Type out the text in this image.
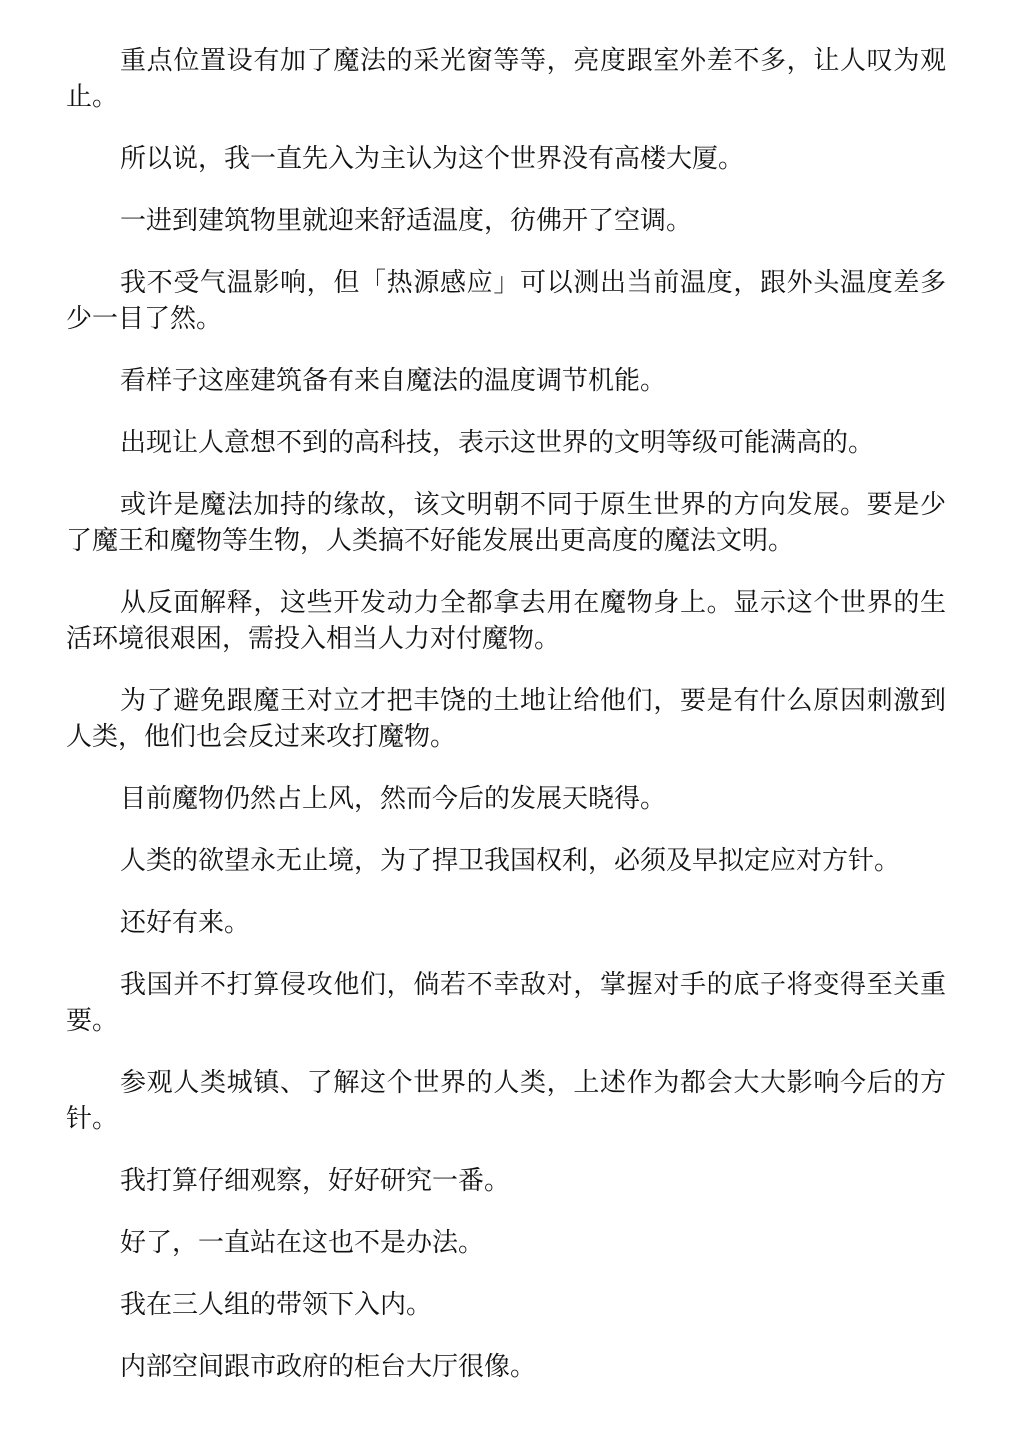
重点位置设有加了魔法的采光窗等等，亮度跟室外差不多，让人叹为观止。

所以说，我一直先入为主认为这个世界没有高楼大厦。

一进到建筑物里就迎来舒适温度，彷佛开了空调。

我不受气温影响，但「热源感应」可以测出当前温度，跟外头温度差多少一目了然。

看样子这座建筑备有来自魔法的温度调节机能。

出现让人意想不到的高科技，表示这世界的文明等级可能满高的。

或许是魔法加持的缘故，该文明朝不同于原生世界的方向发展。要是少了魔王和魔物等生物，人类搞不好能发展出更高度的魔法文明。

从反面解释，这些开发动力全都拿去用在魔物身上。显示这个世界的生活环境很艰困，需投入相当人力对付魔物。

为了避免跟魔王对立才把丰饶的土地让给他们，要是有什么原因刺激到人类，他们也会反过来攻打魔物。

目前魔物仍然占上风，然而今后的发展天晓得。

人类的欲望永无止境，为了捍卫我国权利，必须及早拟定应对方针。

还好有来。

我国并不打算侵攻他们，倘若不幸敌对，掌握对手的底子将变得至关重要。

参观人类城镇、了解这个世界的人类，上述作为都会大大影响今后的方针。

我打算仔细观察，好好研究一番。

好了，一直站在这也不是办法。

我在三人组的带领下入内。

内部空间跟市政府的柜台大厅很像。
